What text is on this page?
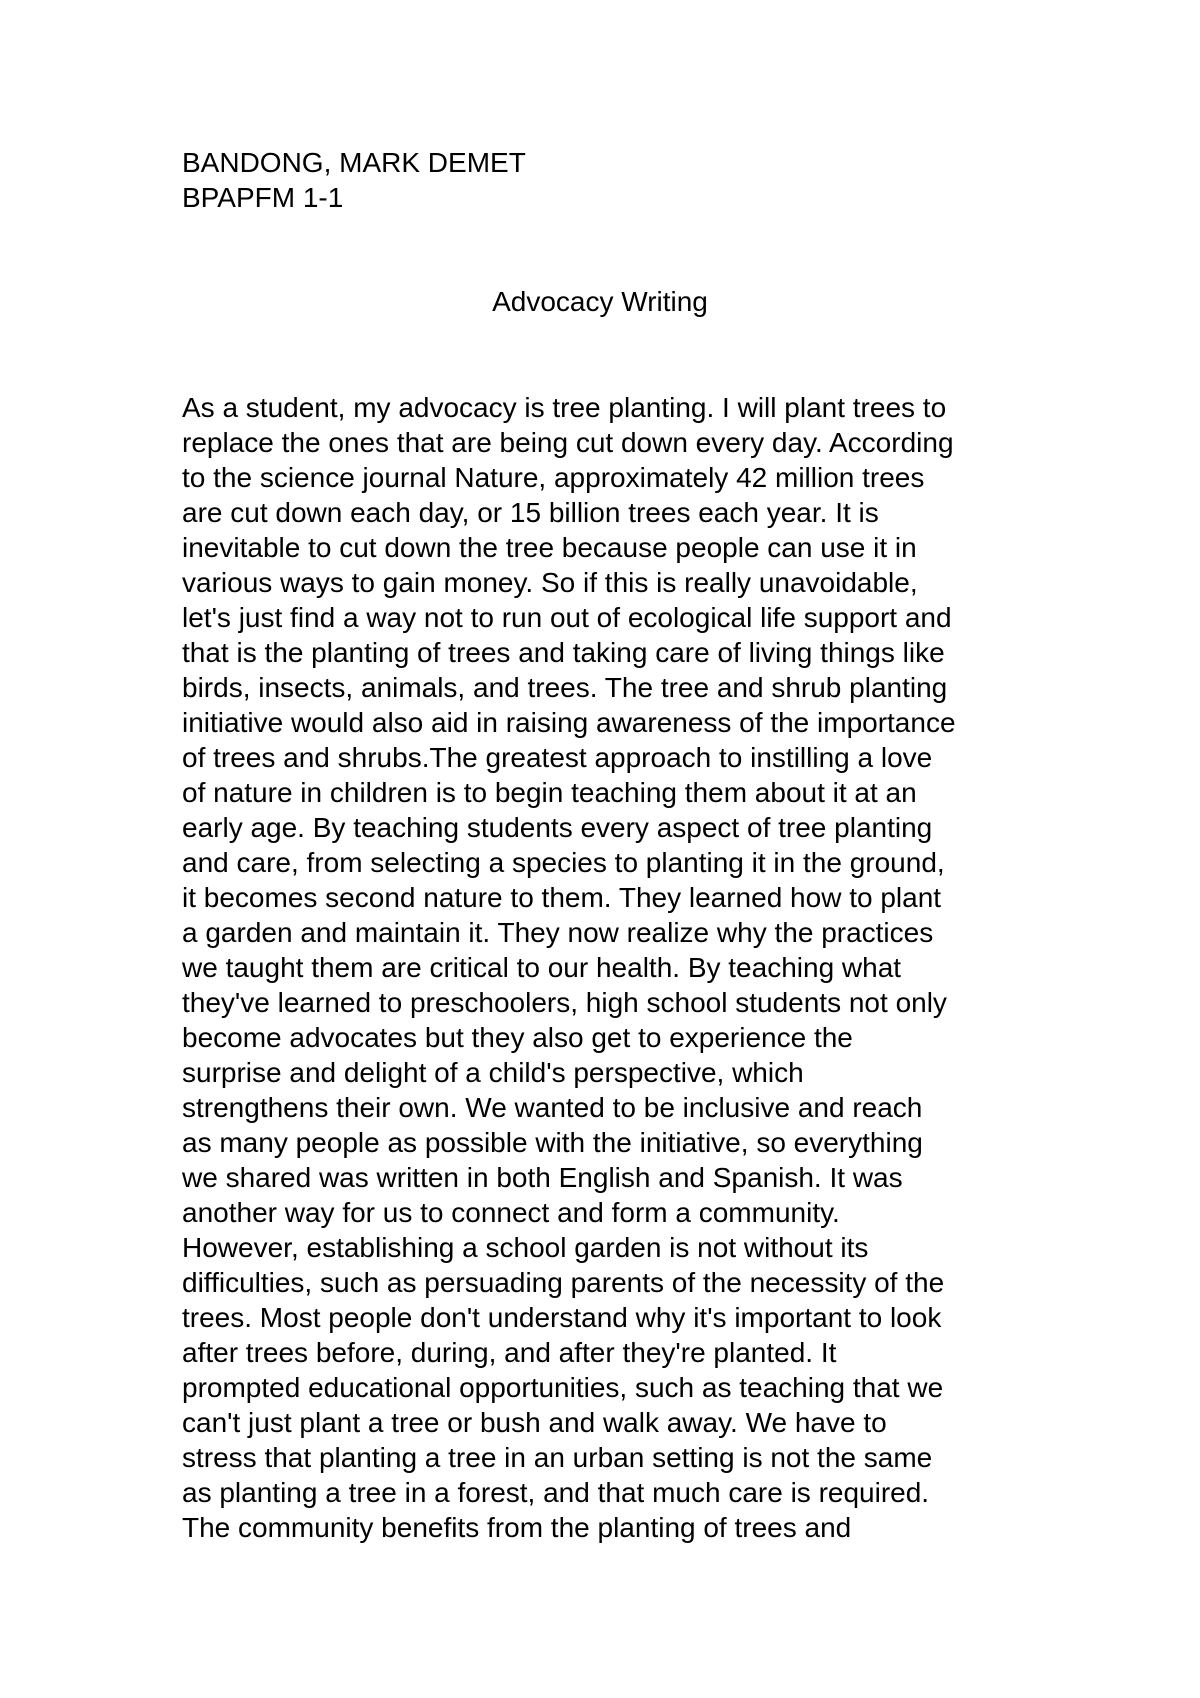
BANDONG, MARK DEMET
BPAPFM 1-1
Advocacy Writing
As a student, my advocacy is tree planting. I will plant trees to
replace the ones that are being cut down every day. According
to the science journal Nature, approximately 42 million trees
are cut down each day, or 15 billion trees each year. It is
inevitable to cut down the tree because people can use it in
various ways to gain money. So if this is really unavoidable,
let's just find a way not to run out of ecological life support and
that is the planting of trees and taking care of living things like
birds, insects, animals, and trees. The tree and shrub planting
initiative would also aid in raising awareness of the importance
of trees and shrubs.The greatest approach to instilling a love
of nature in children is to begin teaching them about it at an
early age. By teaching students every aspect of tree planting
and care, from selecting a species to planting it in the ground,
it becomes second nature to them. They learned how to plant
a garden and maintain it. They now realize why the practices
we taught them are critical to our health. By teaching what
they've learned to preschoolers, high school students not only
become advocates but they also get to experience the
surprise and delight of a child's perspective, which
strengthens their own. We wanted to be inclusive and reach
as many people as possible with the initiative, so everything
we shared was written in both English and Spanish. It was
another way for us to connect and form a community.
However, establishing a school garden is not without its
difficulties, such as persuading parents of the necessity of the
trees. Most people don't understand why it's important to look
after trees before, during, and after they're planted. It
prompted educational opportunities, such as teaching that we
can't just plant a tree or bush and walk away. We have to
stress that planting a tree in an urban setting is not the same
as planting a tree in a forest, and that much care is required.
The community benefits from the planting of trees and
